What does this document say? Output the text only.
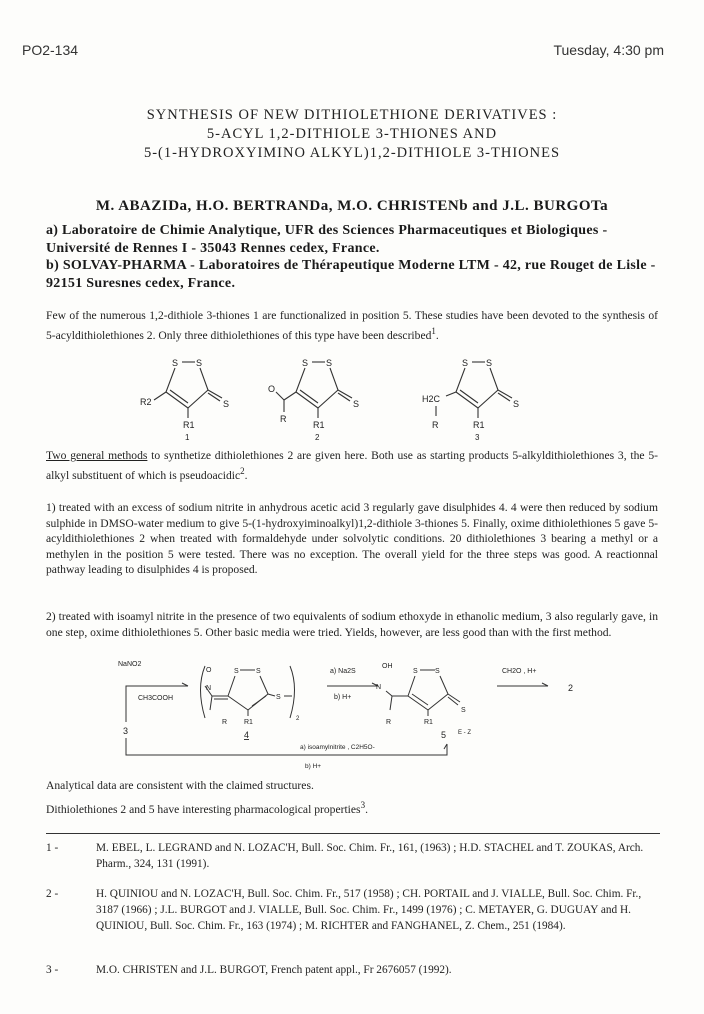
PO2-134	Tuesday, 4:30 pm
SYNTHESIS OF NEW DITHIOLETHIONE DERIVATIVES :
5-ACYL 1,2-DITHIOLE 3-THIONES AND
5-(1-HYDROXYIMINO ALKYL)1,2-DITHIOLE 3-THIONES
M. ABAZIDa, H.O. BERTRANDa, M.O. CHRISTENb and J.L. BURGOTa
a) Laboratoire de Chimie Analytique, UFR des Sciences Pharmaceutiques et Biologiques - Université de Rennes I - 35043 Rennes cedex, France.
b) SOLVAY-PHARMA - Laboratoires de Thérapeutique Moderne LTM - 42, rue Rouget de Lisle - 92151 Suresnes cedex, France.
Few of the numerous 1,2-dithiole 3-thiones 1 are functionalized in position 5. These studies have been devoted to the synthesis of 5-acyldithiolethiones 2. Only three dithiolethiones of this type have been described$^1$.
S S
S
R2
R1
1
O
R
S S
S
R1
2
H2C
R
S S
S
R1
3
Two general methods to synthetize dithiolethiones 2 are given here. Both use as starting products 5-alkyldithiolethiones 3, the 5-alkyl substituent of which is pseudoacidic$^2$.
1) treated with an excess of sodium nitrite in anhydrous acetic acid 3 regularly gave disulphides 4. 4 were then reduced by sodium sulphide in DMSO-water medium to give 5-(1-hydroxyiminoalkyl)1,2-dithiole 3-thiones 5. Finally, oxime dithiolethiones 5 gave 5-acyldithiolethiones 2 when treated with formaldehyde under solvolytic conditions. 20 dithiolethiones 3 bearing a methyl or a methylen in the position 5 were tested. There was no exception. The overall yield for the three steps was good. A reactionnal pathway leading to disulphides 4 is proposed.
2) treated with isoamyl nitrite in the presence of two equivalents of sodium ethoxyde in ethanolic medium, 3 also regularly gave, in one step, oxime dithiolethiones 5. Other basic media were tried. Yields, however, are less good than with the first method.
NaNO2
CH3COOH
3
a) Na2S
b) H+
CH2O , H+
2
S S
S
O
N
R R1	2
4
S S
S
OH
N
R	R1
5 E - Z
a) isoamylnitrite , C2H5O-
b) H+
Analytical data are consistent with the claimed structures.
Dithiolethiones 2 and 5 have interesting pharmacological properties$^3$.
1 -	M. EBEL, L. LEGRAND and N. LOZAC'H, Bull. Soc. Chim. Fr., 161, (1963) ; H.D. STACHEL and T. ZOUKAS, Arch. Pharm., 324, 131 (1991).
2 -	H. QUINIOU and N. LOZAC'H, Bull. Soc. Chim. Fr., 517 (1958) ; CH. PORTAIL and J. VIALLE, Bull. Soc. Chim. Fr., 3187 (1966) ; J.L. BURGOT and J. VIALLE, Bull. Soc. Chim. Fr., 1499 (1976) ; C. METAYER, G. DUGUAY and H. QUINIOU, Bull. Soc. Chim. Fr., 163 (1974) ; M. RICHTER and FANGHANEL, Z. Chem., 251 (1984).
3 -	M.O. CHRISTEN and J.L. BURGOT, French patent appl., Fr 2676057 (1992).
